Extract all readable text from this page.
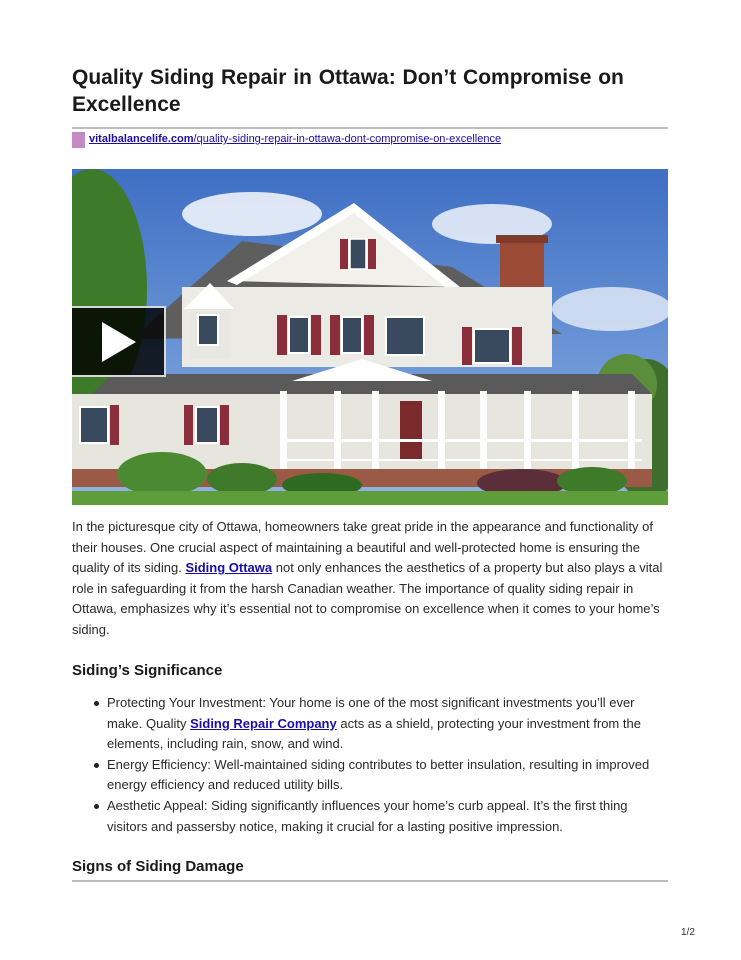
Quality Siding Repair in Ottawa: Don’t Compromise on Excellence
vitalbalancelife.com/quality-siding-repair-in-ottawa-dont-compromise-on-excellence

In the picturesque city of Ottawa, homeowners take great pride in the appearance and functionality of their houses. One crucial aspect of maintaining a beautiful and well-protected home is ensuring the quality of its siding. Siding Ottawa not only enhances the aesthetics of a property but also plays a vital role in safeguarding it from the harsh Canadian weather. The importance of quality siding repair in Ottawa, emphasizes why it’s essential not to compromise on excellence when it comes to your home’s siding.

Siding’s Significance
Protecting Your Investment: Your home is one of the most significant investments you’ll ever make. Quality Siding Repair Company acts as a shield, protecting your investment from the elements, including rain, snow, and wind.
Energy Efficiency: Well-maintained siding contributes to better insulation, resulting in improved energy efficiency and reduced utility bills.
Aesthetic Appeal: Siding significantly influences your home’s curb appeal. It’s the first thing visitors and passersby notice, making it crucial for a lasting positive impression.
Signs of Siding Damage
1/2
